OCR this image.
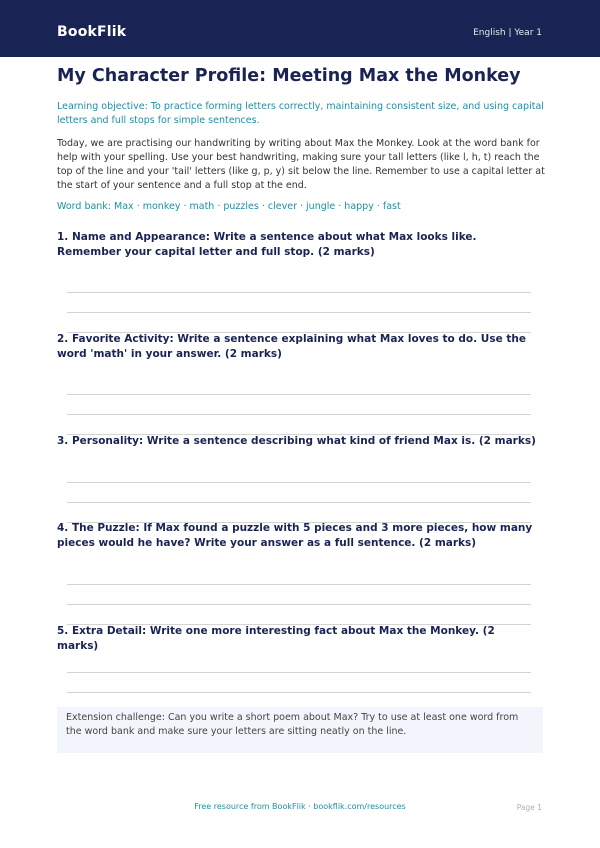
BookFlik	English | Year 1
My Character Profile: Meeting Max the Monkey
Learning objective: To practice forming letters correctly, maintaining consistent size, and using capital letters and full stops for simple sentences.
Today, we are practising our handwriting by writing about Max the Monkey. Look at the word bank for help with your spelling. Use your best handwriting, making sure your tall letters (like l, h, t) reach the top of the line and your 'tail' letters (like g, p, y) sit below the line. Remember to use a capital letter at the start of your sentence and a full stop at the end.
Word bank: Max · monkey · math · puzzles · clever · jungle · happy · fast
1. Name and Appearance: Write a sentence about what Max looks like. Remember your capital letter and full stop. (2 marks)
2. Favorite Activity: Write a sentence explaining what Max loves to do. Use the word 'math' in your answer. (2 marks)
3. Personality: Write a sentence describing what kind of friend Max is. (2 marks)
4. The Puzzle: If Max found a puzzle with 5 pieces and 3 more pieces, how many pieces would he have? Write your answer as a full sentence. (2 marks)
5. Extra Detail: Write one more interesting fact about Max the Monkey. (2 marks)
Extension challenge: Can you write a short poem about Max? Try to use at least one word from the word bank and make sure your letters are sitting neatly on the line.
Free resource from BookFlik · bookflik.com/resources	Page 1
